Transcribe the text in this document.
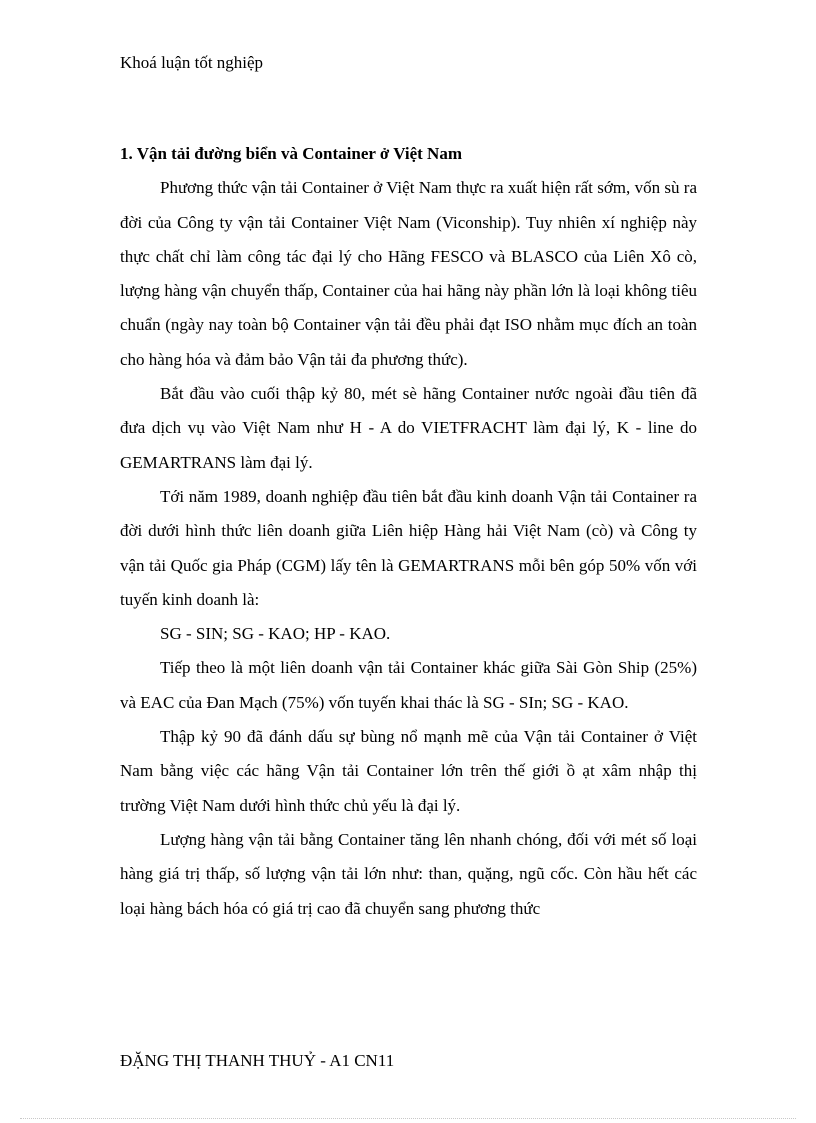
Khoá luận tốt nghiệp

1. Vận tải đường biển và Container ở Việt Nam

Phương thức vận tải Container ở Việt Nam thực ra xuất hiện rất sớm, vốn sù ra đời của Công ty vận tải Container Việt Nam (Viconship). Tuy nhiên xí nghiệp này thực chất chỉ làm công tác đại lý cho Hãng FESCO và BLASCO của Liên Xô cò, lượng hàng vận chuyển thấp, Container của hai hãng này phần lớn là loại không tiêu chuẩn (ngày nay toàn bộ Container vận tải đều phải đạt ISO nhằm mục đích an toàn cho hàng hóa và đảm bảo Vận tải đa phương thức).

Bắt đầu vào cuối thập kỷ 80, mét sè hãng Container nước ngoài đầu tiên đã đưa dịch vụ vào Việt Nam như H - A do VIETFRACHT làm đại lý, K - line do GEMARTRANS làm đại lý.

Tới năm 1989, doanh nghiệp đầu tiên bắt đầu kinh doanh Vận tải Container ra đời dưới hình thức liên doanh giữa Liên hiệp Hàng hải Việt Nam (cò) và Công ty vận tải Quốc gia Pháp (CGM) lấy tên là GEMARTRANS mỗi bên góp 50% vốn với tuyến kinh doanh là:

SG - SIN; SG - KAO; HP - KAO.

Tiếp theo là một liên doanh vận tải Container khác giữa Sài Gòn Ship (25%) và EAC của Đan Mạch (75%) vốn tuyến khai thác là SG - SIn; SG - KAO.

Thập kỷ 90 đã đánh dấu sự bùng nổ mạnh mẽ của Vận tải Container ở Việt Nam bằng việc các hãng Vận tải Container lớn trên thế giới ồ ạt xâm nhập thị trường Việt Nam dưới hình thức chủ yếu là đại lý.

Lượng hàng vận tải bằng Container tăng lên nhanh chóng, đối với mét số loại hàng giá trị thấp, số lượng vận tải lớn như: than, quặng, ngũ cốc. Còn hầu hết các loại hàng bách hóa có giá trị cao đã chuyển sang phương thức

ĐẶNG THỊ THANH THUỶ - A1 CN11
